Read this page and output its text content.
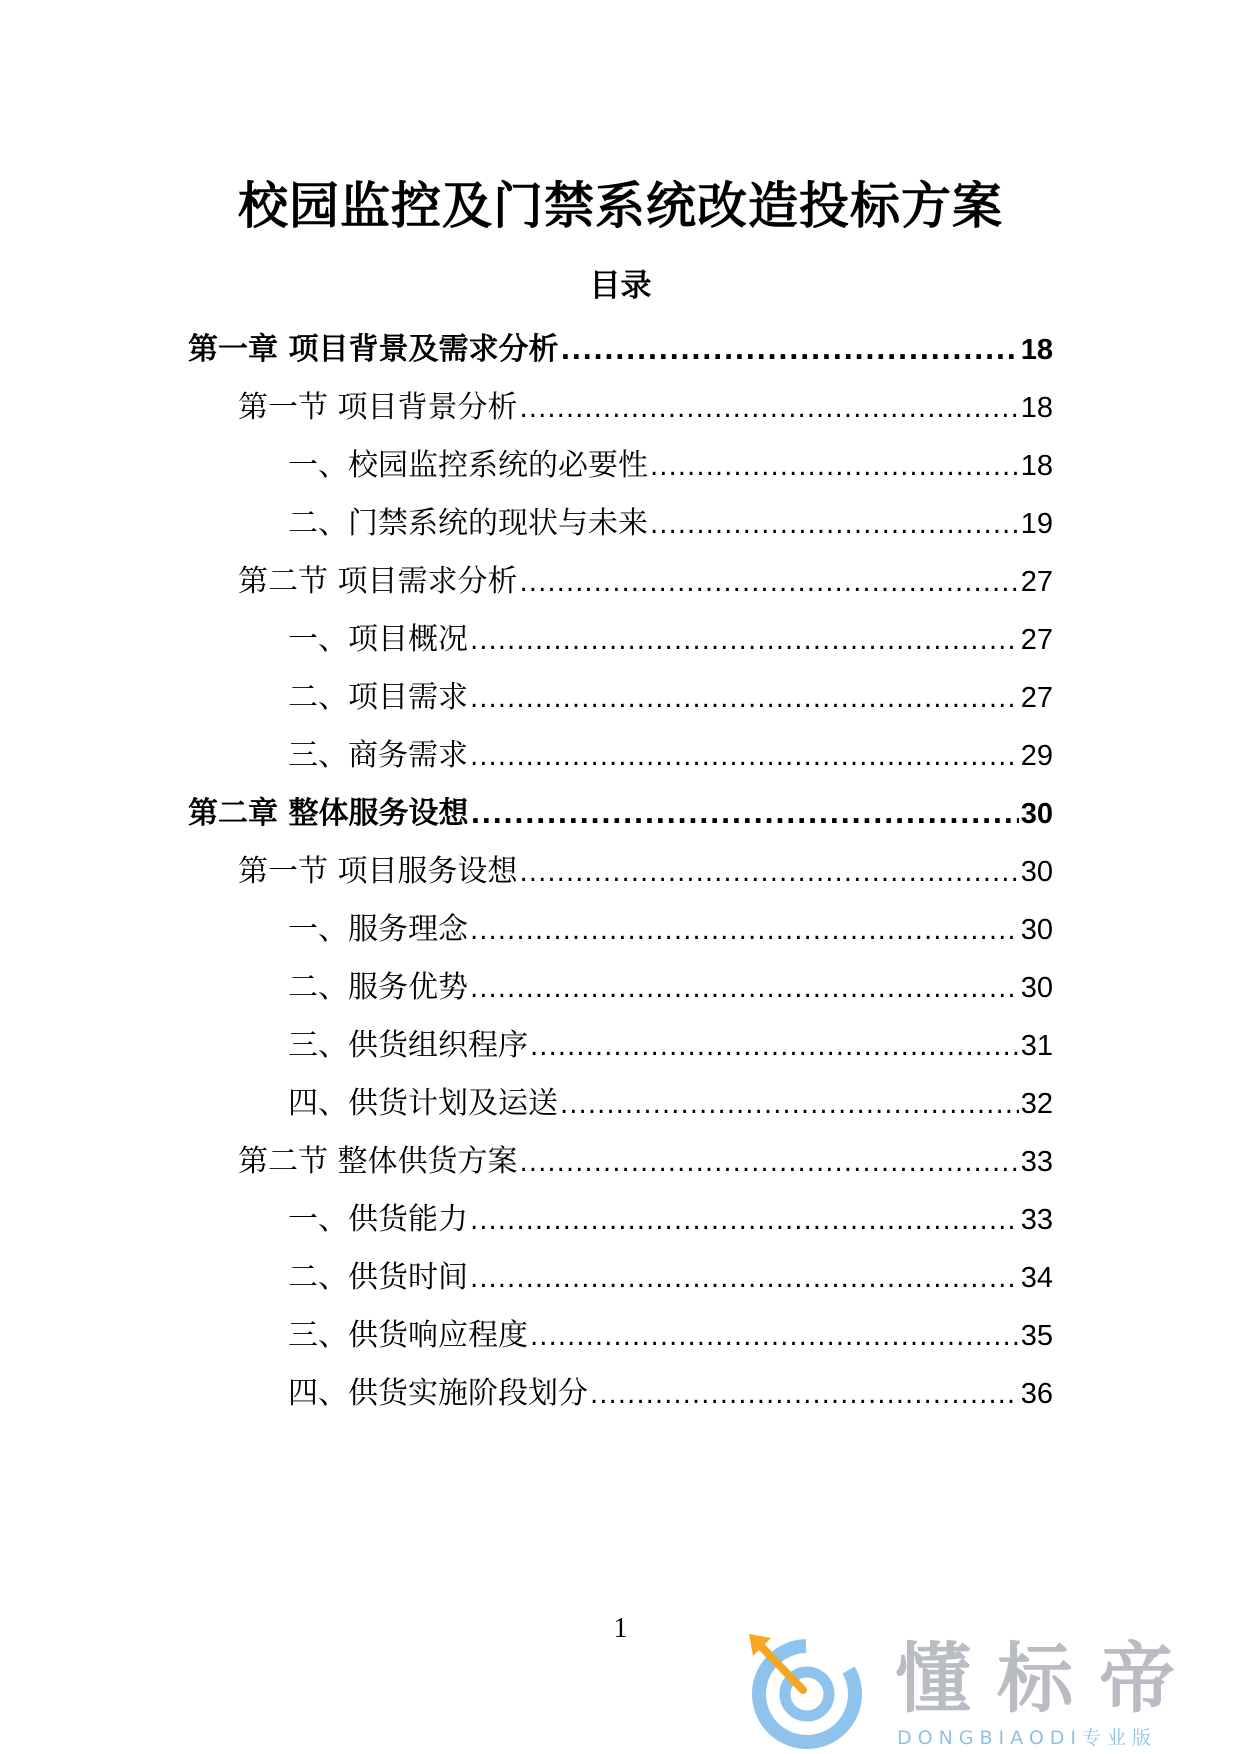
校园监控及门禁系统改造投标方案
目录
第一章 项目背景及需求分析 .....	18
第一节 项目背景分析 .....	18
一、校园监控系统的必要性 .....	18
二、门禁系统的现状与未来 .....	19
第二节 项目需求分析 .....	27
一、项目概况 .....	27
二、项目需求 .....	27
三、商务需求 .....	29
第二章 整体服务设想 .....	30
第一节 项目服务设想 .....	30
一、服务理念 .....	30
二、服务优势 .....	30
三、供货组织程序 .....	31
四、供货计划及运送 .....	32
第二节 整体供货方案 .....	33
一、供货能力 .....	33
二、供货时间 .....	34
三、供货响应程度 .....	35
四、供货实施阶段划分 .....	36
1
懂标帝
DONGBIAODI专业版
